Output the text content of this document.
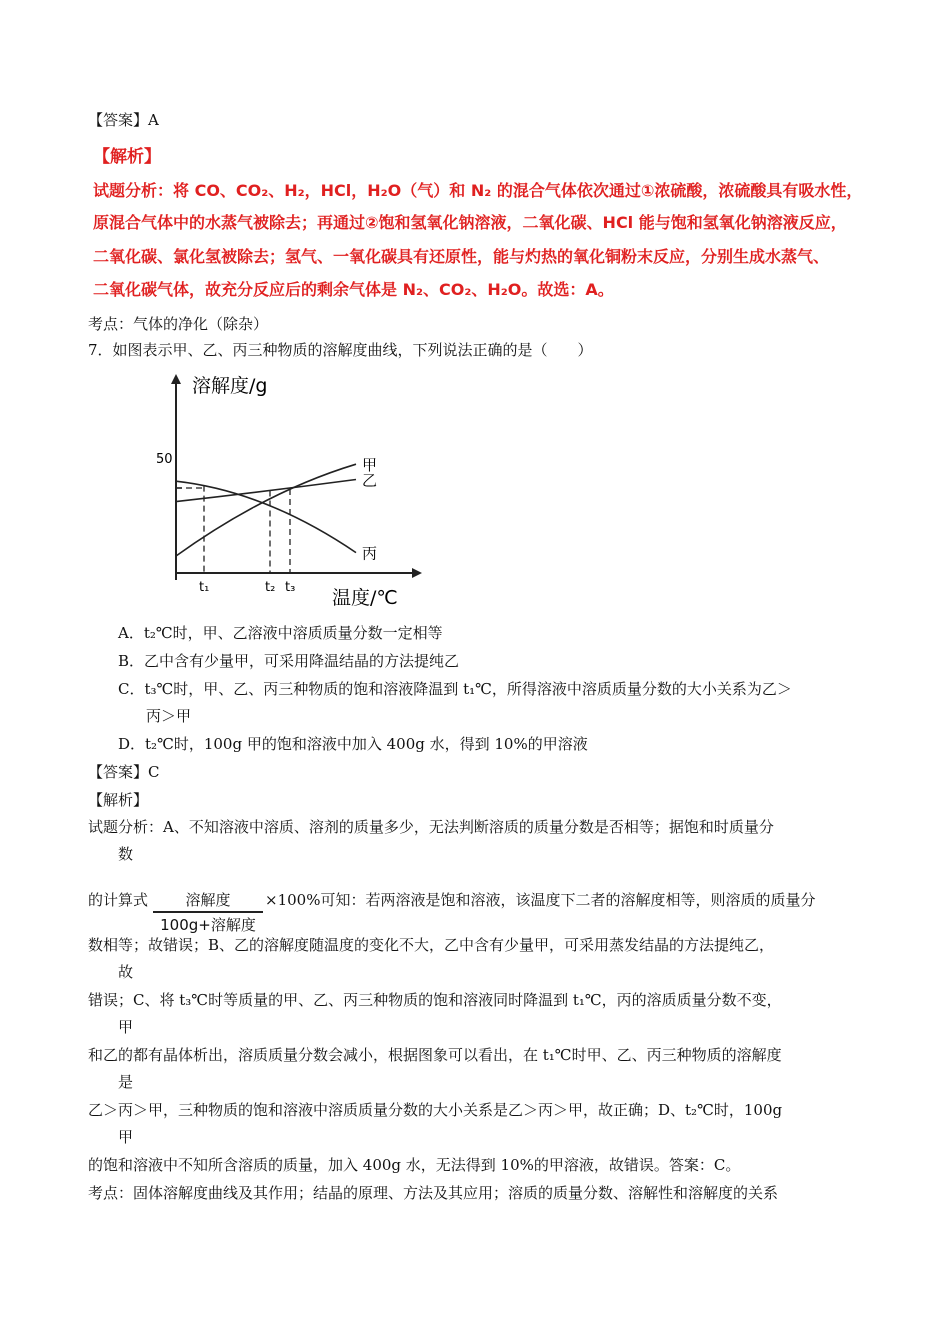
【答案】A
【解析】
试题分析：将 CO、CO₂、H₂，HCl，H₂O（气）和 N₂ 的混合气体依次通过①浓硫酸，浓硫酸具有吸水性，
原混合气体中的水蒸气被除去；再通过②饱和氢氧化钠溶液，二氧化碳、HCl 能与饱和氢氧化钠溶液反应，
二氧化碳、氯化氢被除去；氢气、一氧化碳具有还原性，能与灼热的氧化铜粉末反应，分别生成水蒸气、
二氧化碳气体，故充分反应后的剩余气体是 N₂、CO₂、H₂O。故选：A。
考点：气体的净化（除杂）
7．如图表示甲、乙、丙三种物质的溶解度曲线，下列说法正确的是（　　）
溶解度/g
温度/℃
50	甲
乙
丙
t₁	t₂ t₃
A．t₂℃时，甲、乙溶液中溶质质量分数一定相等
B．乙中含有少量甲，可采用降温结晶的方法提纯乙
C．t₃℃时，甲、乙、丙三种物质的饱和溶液降温到 t₁℃，所得溶液中溶质质量分数的大小关系为乙＞
丙＞甲
D．t₂℃时，100g 甲的饱和溶液中加入 400g 水，得到 10%的甲溶液
【答案】C
【解析】
试题分析：A、不知溶液中溶质、溶剂的质量多少，无法判断溶质的质量分数是否相等；据饱和时质量分
数
的计算式	溶解度
100g+溶解度
×100%可知：若两溶液是饱和溶液，该温度下二者的溶解度相等，则溶质的质量分
数相等；故错误；B、乙的溶解度随温度的变化不大，乙中含有少量甲，可采用蒸发结晶的方法提纯乙，
故
错误；C、将 t₃℃时等质量的甲、乙、丙三种物质的饱和溶液同时降温到 t₁℃，丙的溶质质量分数不变，
甲
和乙的都有晶体析出，溶质质量分数会减小，根据图象可以看出，在 t₁℃时甲、乙、丙三种物质的溶解度
是
乙＞丙＞甲，三种物质的饱和溶液中溶质质量分数的大小关系是乙＞丙＞甲，故正确；D、t₂℃时，100g
甲
的饱和溶液中不知所含溶质的质量，加入 400g 水，无法得到 10%的甲溶液，故错误。答案：C。
考点：固体溶解度曲线及其作用；结晶的原理、方法及其应用；溶质的质量分数、溶解性和溶解度的关系
